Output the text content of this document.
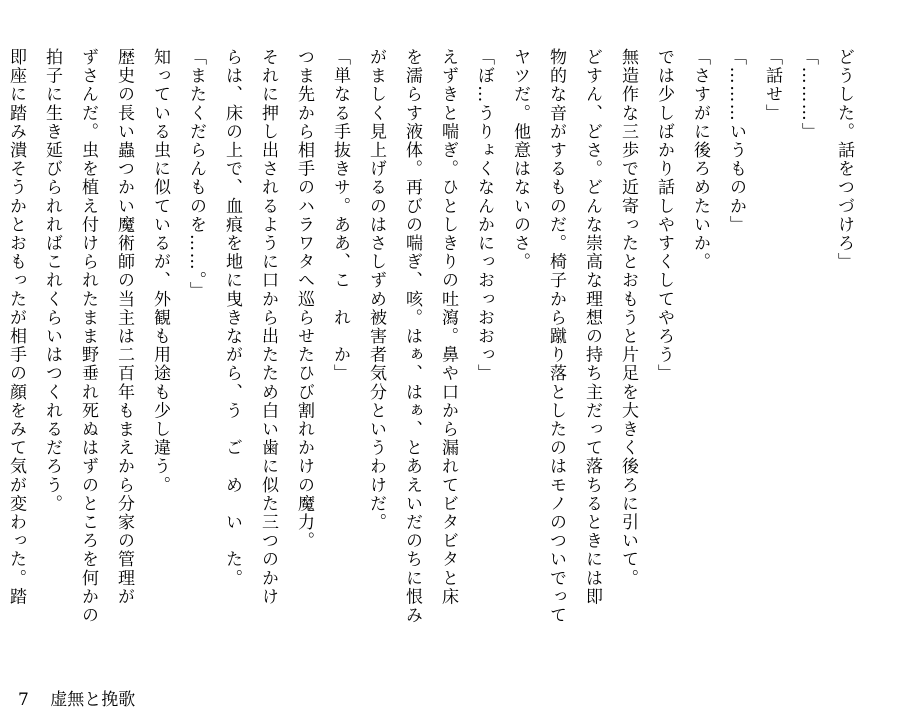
どうした。話をつづけろ」

「………」

「話せ」

「………いうものか」

「さすがに後ろめたいか。

では少しばかり話しやすくしてやろう」

無造作な三歩で近寄ったとおもうと片足を大きく後ろに引いて。

どすん、どさ。どんな崇高な理想の持ち主だって落ちるときには即

物的な音がするものだ。椅子から蹴り落としたのはモノのついでって

ヤツだ。他意はないのさ。

「ぼ…うりょくなんかにっおっおおっ」

えずきと喘ぎ。ひとしきりの吐瀉。鼻や口から漏れてビタビタと床

を濡らす液体。再びの喘ぎ、咳。はぁ、はぁ、とあえいだのちに恨み

がましく見上げるのはさしずめ被害者気分というわけだ。

「単なる手抜きサ。ああ、こ　れ　か」

つま先から相手のハラワタへ巡らせたひび割れかけの魔力。

それに押し出されるように口から出たため白い歯に似た三つのかけ

らは、床の上で、血痕を地に曳きながら、う　ご　め　い　た。

「またくだらんものを……。」

知っている虫に似ているが、外観も用途も少し違う。

歴史の長い蟲つかい魔術師の当主は二百年もまえから分家の管理が

ずさんだ。虫を植え付けられたまま野垂れ死ぬはずのところを何かの

拍子に生き延びられればこれくらいはつくれるだろう。

即座に踏み潰そうかとおもったが相手の顔をみて気が変わった。踏

7 虚無と挽歌
